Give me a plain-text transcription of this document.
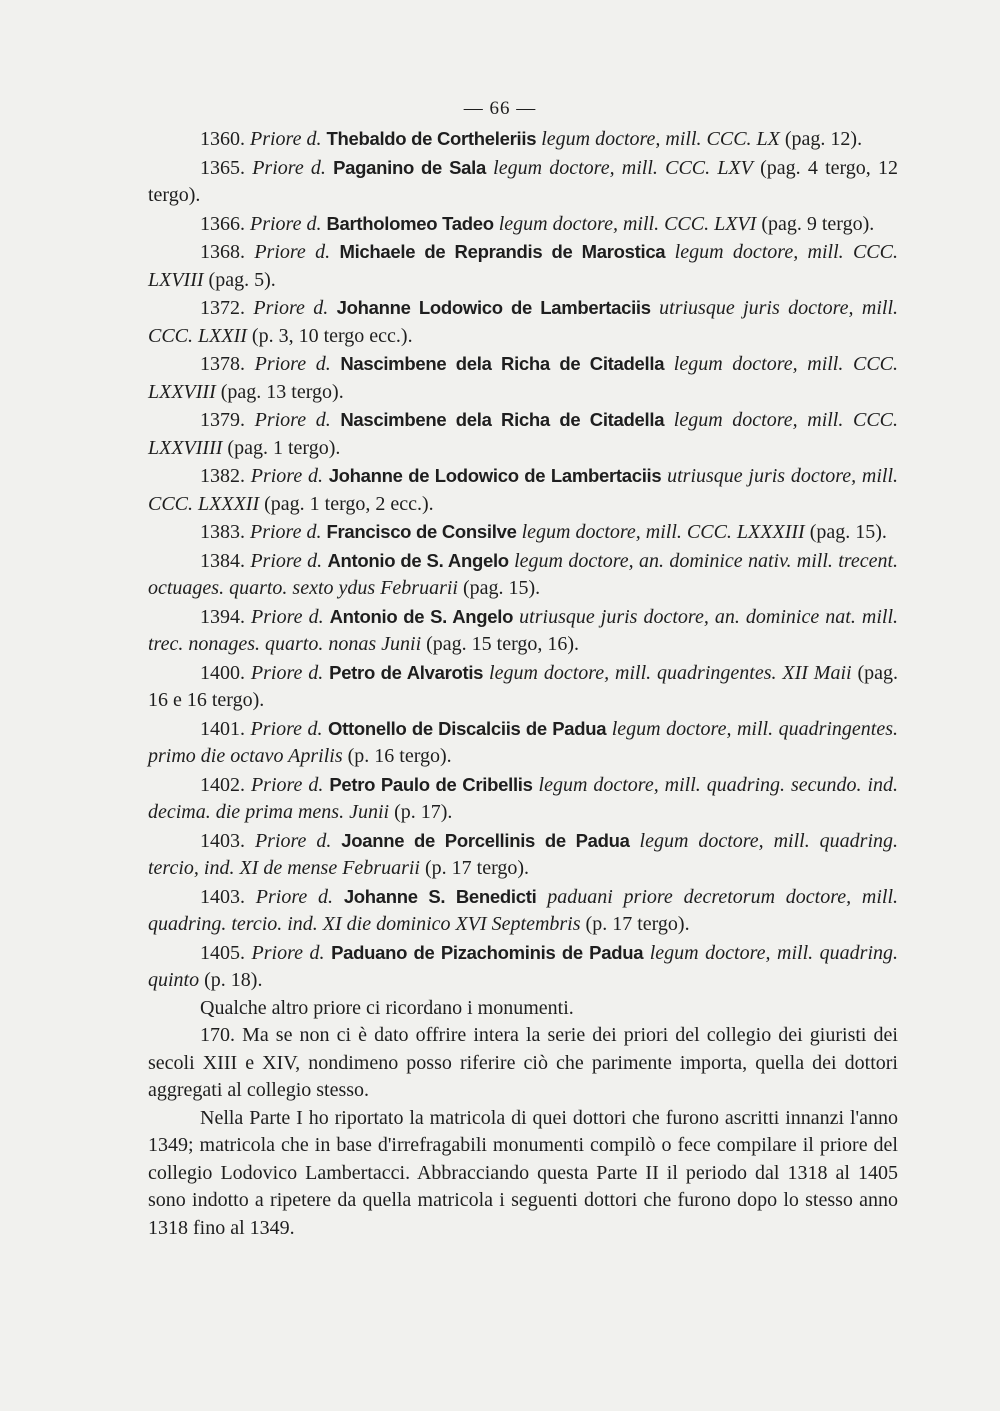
— 66 —

1360. Priore d. Thebaldo de Cortheleriis legum doctore, mill. CCC. LX (pag. 12).

1365. Priore d. Paganino de Sala legum doctore, mill. CCC. LXV (pag. 4 tergo, 12 tergo).

1366. Priore d. Bartholomeo Tadeo legum doctore, mill. CCC. LXVI (pag. 9 tergo).

1368. Priore d. Michaele de Reprandis de Marostica legum doctore, mill. CCC. LXVIII (pag. 5).

1372. Priore d. Johanne Lodowico de Lambertaciis utriusque juris doctore, mill. CCC. LXXII (p. 3, 10 tergo ecc.).

1378. Priore d. Nascimbene dela Richa de Citadella legum doctore, mill. CCC. LXXVIII (pag. 13 tergo).

1379. Priore d. Nascimbene dela Richa de Citadella legum doctore, mill. CCC. LXXVIIII (pag. 1 tergo).

1382. Priore d. Johanne de Lodowico de Lambertaciis utriusque juris doctore, mill. CCC. LXXXII (pag. 1 tergo, 2 ecc.).

1383. Priore d. Francisco de Consilve legum doctore, mill. CCC. LXXXIII (pag. 15).

1384. Priore d. Antonio de S. Angelo legum doctore, an. dominice nativ. mill. trecent. octuages. quarto. sexto ydus Februarii (pag. 15).

1394. Priore d. Antonio de S. Angelo utriusque juris doctore, an. dominice nat. mill. trec. nonages. quarto. nonas Junii (pag. 15 tergo, 16).

1400. Priore d. Petro de Alvarotis legum doctore, mill. quadringentes. XII Maii (pag. 16 e 16 tergo).

1401. Priore d. Ottonello de Discalciis de Padua legum doctore, mill. quadringentes. primo die octavo Aprilis (p. 16 tergo).

1402. Priore d. Petro Paulo de Cribellis legum doctore, mill. quadring. secundo. ind. decima. die prima mens. Junii (p. 17).

1403. Priore d. Joanne de Porcellinis de Padua legum doctore, mill. quadring. tercio, ind. XI de mense Februarii (p. 17 tergo).

1403. Priore d. Johanne S. Benedicti paduani priore decretorum doctore, mill. quadring. tercio. ind. XI die dominico XVI Septembris (p. 17 tergo).

1405. Priore d. Paduano de Pizachominis de Padua legum doctore, mill. quadring. quinto (p. 18).

Qualche altro priore ci ricordano i monumenti.

170. Ma se non ci è dato offrire intera la serie dei priori del collegio dei giuristi dei secoli XIII e XIV, nondimeno posso riferire ciò che parimente importa, quella dei dottori aggregati al collegio stesso.

Nella Parte I ho riportato la matricola di quei dottori che furono ascritti innanzi l'anno 1349; matricola che in base d'irrefragabili monumenti compilò o fece compilare il priore del collegio Lodovico Lambertacci. Abbracciando questa Parte II il periodo dal 1318 al 1405 sono indotto a ripetere da quella matricola i seguenti dottori che furono dopo lo stesso anno 1318 fino al 1349.
